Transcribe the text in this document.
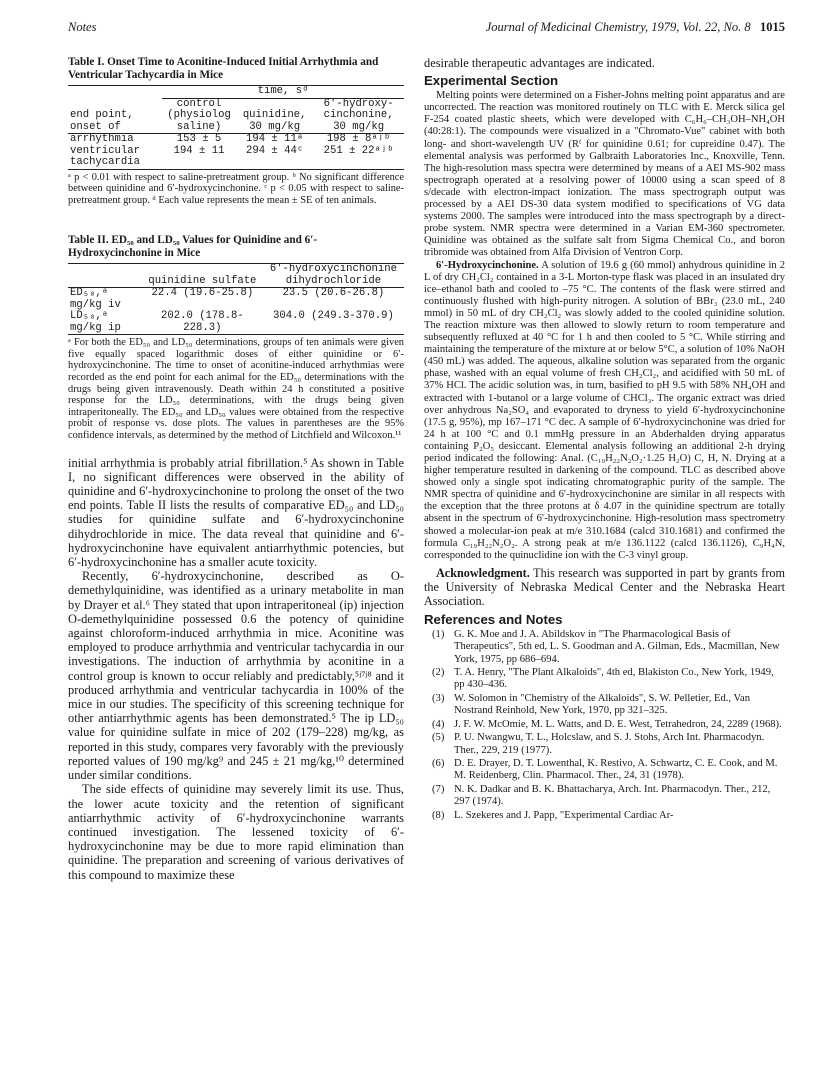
Notes	Journal of Medicinal Chemistry, 1979, Vol. 22, No. 8 1015
Table I. Onset Time to Aconitine-Induced Initial Arrhythmia and Ventricular Tachycardia in Mice
	time, sᵈ		
end point, onset of	control (physiolog saline)	quinidine, 30 mg/kg	6′-hydroxy-cinchonine, 30 mg/kg
arrhythmia	153 ± 5	194 ± 11ᵃ	198 ± 8ᵃʲᵇ
ventricular tachycardia	194 ± 11	294 ± 44ᶜ	251 ± 22ᵃʲᵇ
ᵃ p < 0.01 with respect to saline-pretreatment group. ᵇ No significant difference between quinidine and 6′-hydroxycinchonine. ᶜ p < 0.05 with respect to saline-pretreatment group. ᵈ Each value represents the mean ± SE of ten animals.
Table II. ED₅₀ and LD₅₀ Values for Quinidine and 6′-Hydroxycinchonine in Mice
	quinidine sulfate	6′-hydroxycinchonine dihydrochloride
ED₅₀,ᵃ mg/kg iv	22.4 (19.6-25.8)	23.5 (20.6-26.8)
LD₅₀,ᵃ mg/kg ip	202.0 (178.8-228.3)	304.0 (249.3-370.9)
ᵃ For both the ED₅₀ and LD₅₀ determinations, groups of ten animals were given five equally spaced logarithmic doses of either quinidine or 6′-hydroxycinchonine. The time to onset of aconitine-induced arrhythmias were recorded as the end point for each animal for the ED₅₀ determinations with the drugs being given intravenously. Death within 24 h constituted a positive response for the LD₅₀ determinations, with the drugs being given intraperitoneally. The ED₅₀ and LD₅₀ values were obtained from the respective probit of response vs. dose plots. The values in parentheses are the 95% confidence intervals, as determined by the method of Litchfield and Wilcoxon.¹¹

initial arrhythmia is probably atrial fibrillation.⁵ As shown in Table I, no significant differences were observed in the ability of quinidine and 6′-hydroxycinchonine to prolong the onset of the two end points. Table II lists the results of comparative ED₅₀ and LD₅₀ studies for quinidine sulfate and 6′-hydroxycinchonine dihydrochloride in mice. The data reveal that quinidine and 6′-hydroxycinchonine have equivalent antiarrhythmic potencies, but 6′-hydroxycinchonine has a smaller acute toxicity.

Recently, 6′-hydroxycinchonine, described as O-demethylquinidine, was identified as a urinary metabolite in man by Drayer et al.⁶ They stated that upon intraperitoneal (ip) injection O-demethylquinidine possessed 0.6 the potency of quinidine against chloroform-induced arrhythmia in mice. Aconitine was employed to produce arrhythmia and ventricular tachycardia in our investigations. The induction of arrhythmia by aconitine in a control group is known to occur reliably and predictably,⁵ʲ⁷ʲ⁸ and it produced arrhythmia and ventricular tachycardia in 100% of the mice in our studies. The specificity of this screening technique for other antiarrhythmic agents has been demonstrated.⁵ The ip LD₅₀ value for quinidine sulfate in mice of 202 (179–228) mg/kg, as reported in this study, compares very favorably with the previously reported values of 190 mg/kg⁹ and 245 ± 21 mg/kg,¹⁰ determined under similar conditions.

The side effects of quinidine may severely limit its use. Thus, the lower acute toxicity and the retention of significant antiarrhythmic activity of 6′-hydroxycinchonine warrants continued investigation. The lessened toxicity of 6′-hydroxycinchonine may be due to more rapid elimination than quinidine. The preparation and screening of various derivatives of this compound to maximize these

desirable therapeutic advantages are indicated.
Experimental Section

Melting points were determined on a Fisher-Johns melting point apparatus and are uncorrected. The reaction was monitored routinely on TLC with E. Merck silica gel F-254 coated plastic sheets, which were developed with C₆H₆–CH₃OH–NH₄OH (40:28:1). The compounds were visualized in a "Chromato-Vue" cabinet with both long- and short-wavelength UV (Rᶠ for quinidine 0.61; for cupreidine 0.47). The elemental analysis was performed by Galbraith Laboratories Inc., Knoxville, Tenn. The high-resolution mass spectra were determined by means of a AEI MS-902 mass spectrograph operated at a resolving power of 10000 using a scan speed of 8 s/decade with electron-impact ionization. The mass spectrograph output was processed by a AEI DS-30 data system modified to specifications of VG data systems 2000. The samples were introduced into the mass spectrograph by a direct-probe system. NMR spectra were determined in a Varian EM-360 spectrometer. Quinidine was obtained as the sulfate salt from Sigma Chemical Co., and boron tribromide was obtained from Alfa Division of Ventron Corp.

6′-Hydroxycinchonine. A solution of 19.6 g (60 mmol) anhydrous quinidine in 2 L of dry CH₂Cl₂ contained in a 3-L Morton-type flask was placed in an insulated dry ice–ethanol bath and cooled to –75 °C. The contents of the flask were stirred and continuously flushed with high-purity nitrogen. A solution of BBr₃ (23.0 mL, 240 mmol) in 50 mL of dry CH₂Cl₂ was slowly added to the cooled quinidine solution. The reaction mixture was then allowed to slowly return to room temperature and subsequently refluxed at 40 °C for 1 h and then cooled to 5 °C. While stirring and maintaining the temperature of the mixture at or below 5°C, a solution of 10% NaOH (450 mL) was added. The aqueous, alkaline solution was separated from the organic phase, washed with an equal volume of fresh CH₂Cl₂, and acidified with 50 mL of 37% HCl. The acidic solution was, in turn, basified to pH 9.5 with 58% NH₄OH and extracted with 1-butanol or a large volume of CHCl₃. The organic extract was dried over anhydrous Na₂SO₄ and evaporated to dryness to yield 6′-hydroxycinchonine (17.5 g, 95%), mp 167–171 °C dec. A sample of 6′-hydroxycinchonine was dried for 24 h at 100 °C and 0.1 mmHg pressure in an Abderhalden drying apparatus containing P₂O₅ desiccant. Elemental analysis following an additional 2-h drying period indicated the following: Anal. (C₁₉H₂₂N₂O₂·1.25 H₂O) C, H, N. Drying at a higher temperature resulted in darkening of the compound. TLC as described above showed only a single spot indicating chromatographic purity of the sample. The NMR spectra of quinidine and 6′-hydroxycinchonine are similar in all respects with the exception that the three protons at δ 4.07 in the quinidine spectrum are totally absent in the spectrum of 6′-hydroxycinchonine. High-resolution mass spectrometry showed a molecular-ion peak at m/e 310.1684 (calcd 310.1681) and confirmed the formula C₁₉H₂₂N₂O₂. A strong peak at m/e 136.1122 (calcd 136.1126), C₉H₄N, corresponded to the quinuclidine ion with the C-3 vinyl group.

Acknowledgment. This research was supported in part by grants from the University of Nebraska Medical Center and the Nebraska Heart Association.

References and Notes
(1) G. K. Moe and J. A. Abildskov in "The Pharmacological Basis of Therapeutics", 5th ed, L. S. Goodman and A. Gilman, Eds., Macmillan, New York, 1975, pp 686–694.
(2) T. A. Henry, "The Plant Alkaloids", 4th ed, Blakiston Co., New York, 1949, pp 430–436.
(3) W. Solomon in "Chemistry of the Alkaloids", S. W. Pelletier, Ed., Van Nostrand Reinhold, New York, 1970, pp 321–325.
(4) J. F. W. McOmie, M. L. Watts, and D. E. West, Tetrahedron, 24, 2289 (1968).
(5) P. U. Nwangwu, T. L., Holcslaw, and S. J. Stohs, Arch Int. Pharmacodyn. Ther., 229, 219 (1977).
(6) D. E. Drayer, D. T. Lowenthal, K. Restivo, A. Schwartz, C. E. Cook, and M. M. Reidenberg, Clin. Pharmacol. Ther., 24, 31 (1978).
(7) N. K. Dadkar and B. K. Bhattacharya, Arch. Int. Pharmacodyn. Ther., 212, 297 (1974).
(8) L. Szekeres and J. Papp, "Experimental Cardiac Ar-
